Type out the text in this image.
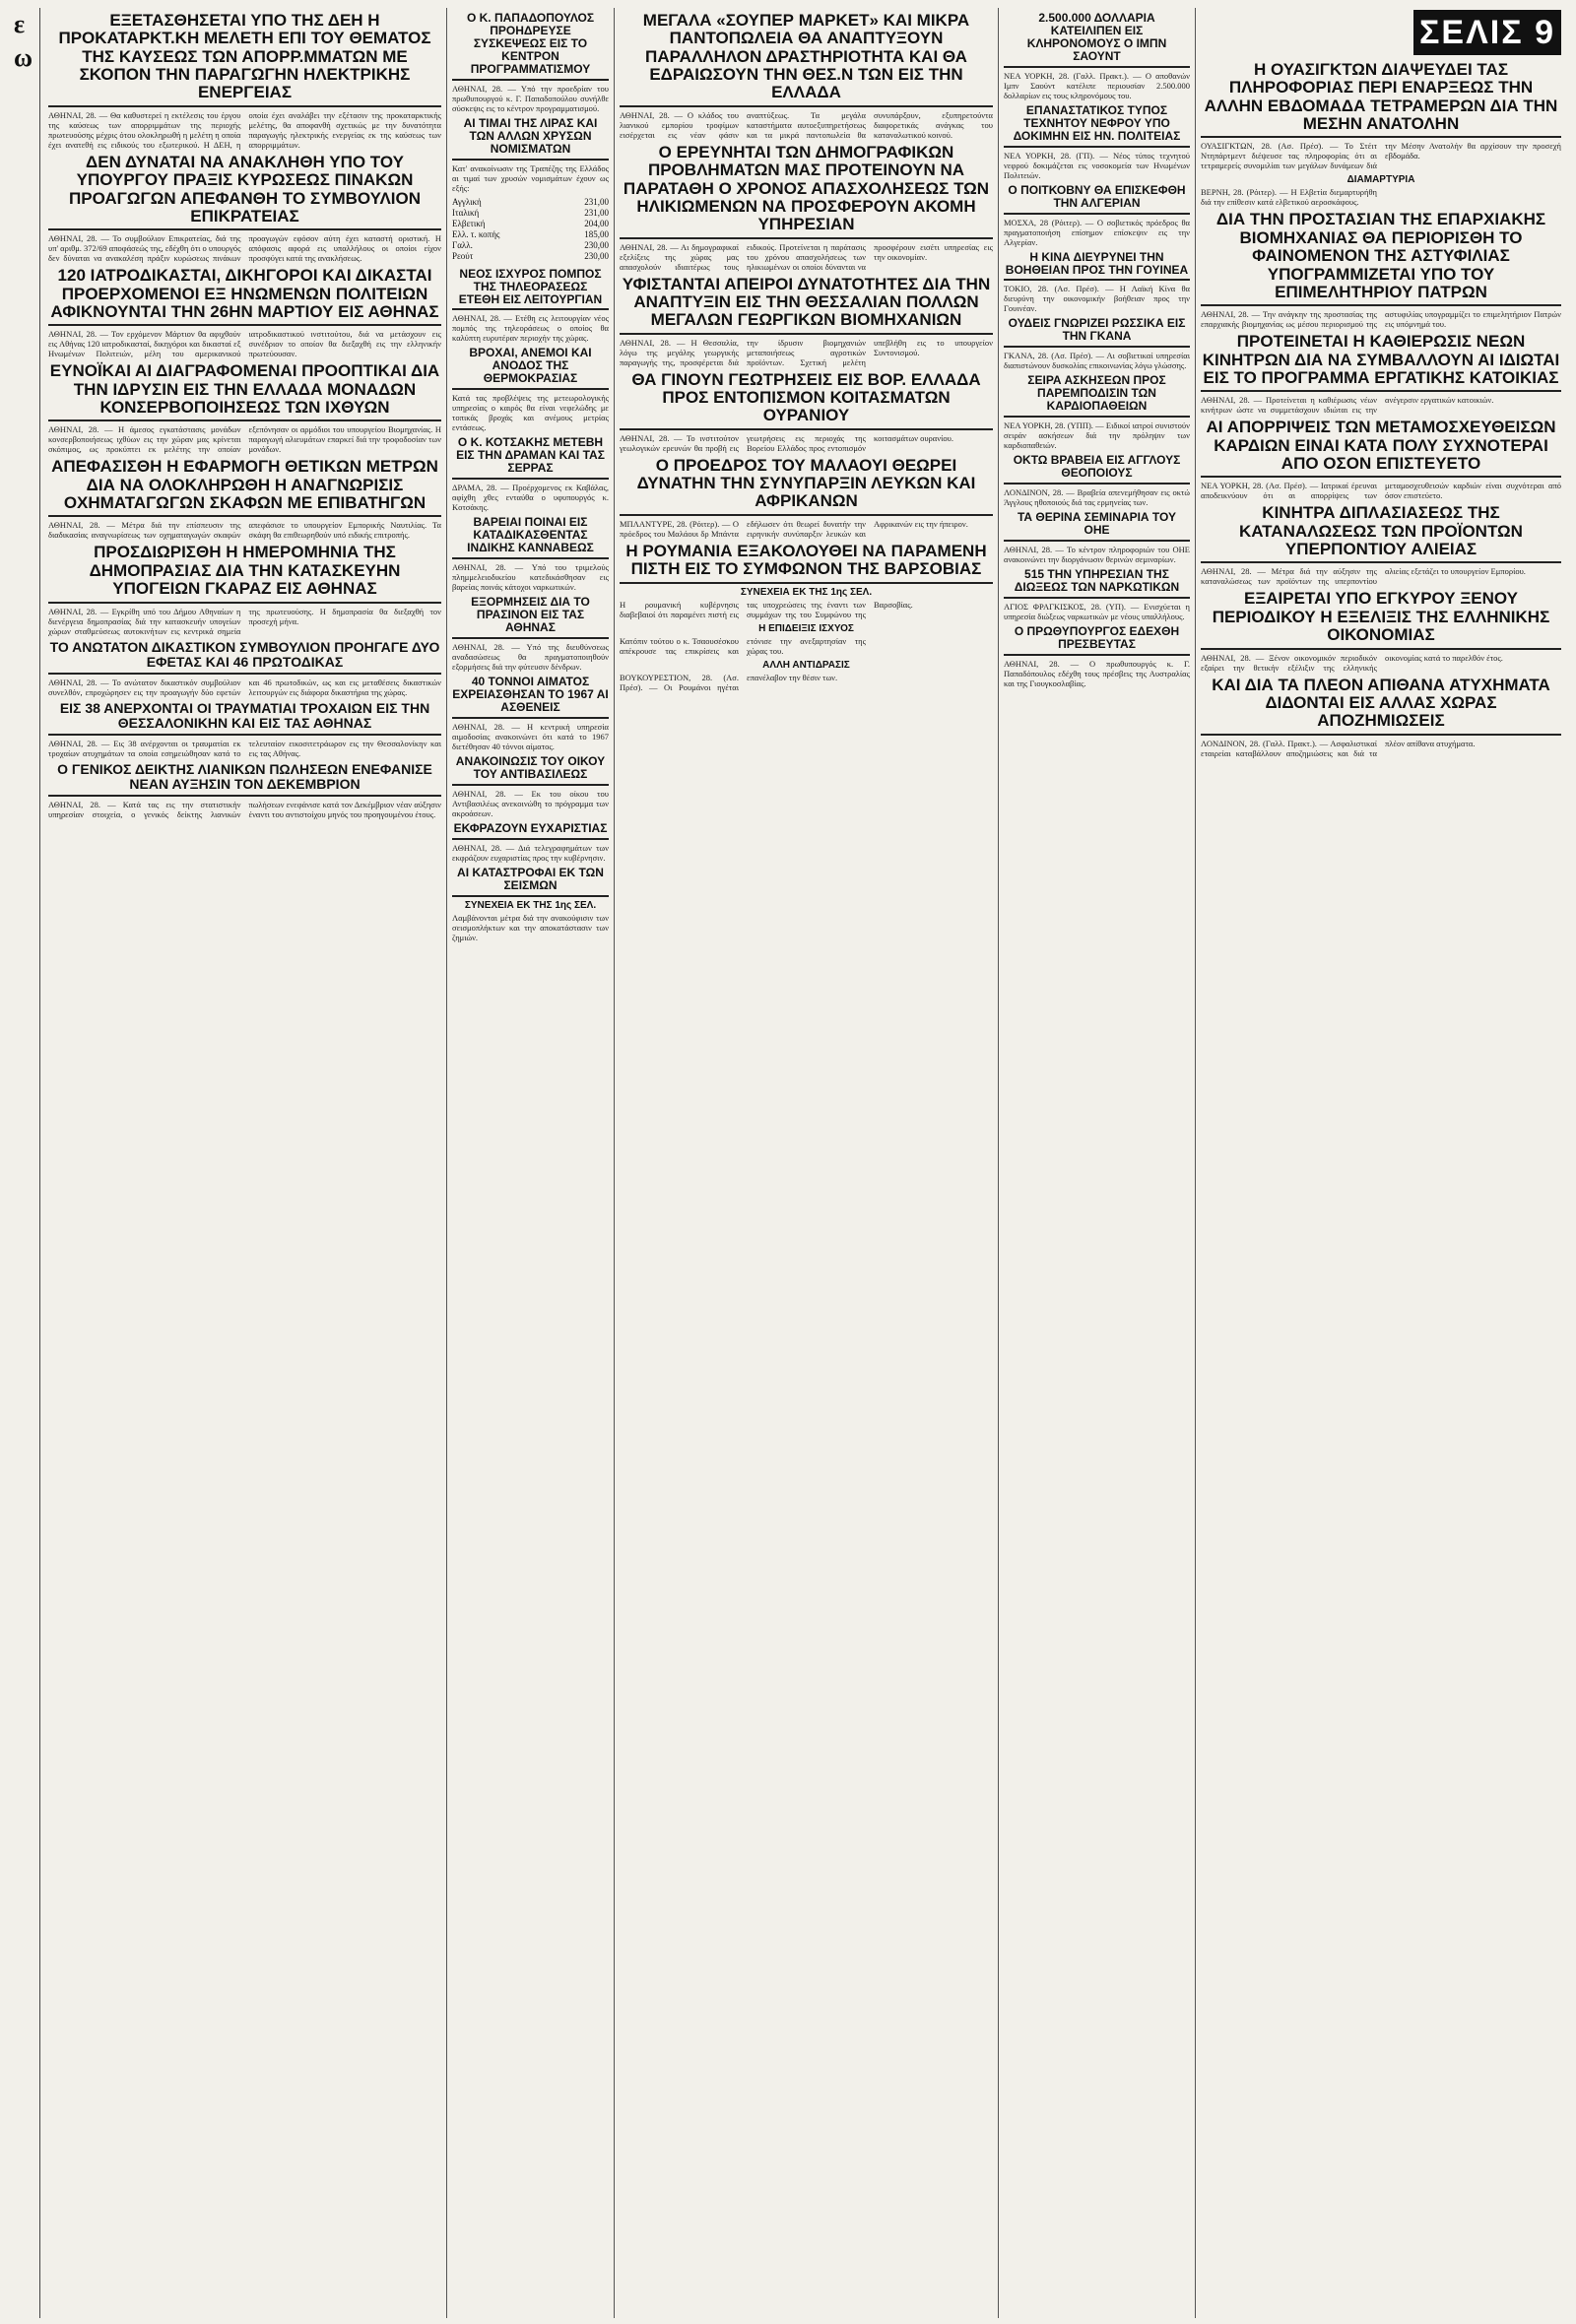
ε
ω
ΕΞΕΤΑΣΘΗΣΕΤΑΙ ΥΠΟ ΤΗΣ ΔΕΗ Η ΠΡΟΚΑΤΑΡΚΤ.ΚΗ ΜΕΛΕΤΗ ΕΠΙ ΤΟΥ ΘΕΜΑΤΟΣ ΤΗΣ ΚΑΥΣΕΩΣ ΤΩΝ ΑΠΟΡΡ.ΜΜΑΤΩΝ ΜΕ ΣΚΟΠΟΝ ΤΗΝ ΠΑΡΑΓΩΓΗΝ ΗΛΕΚΤΡΙΚΗΣ ΕΝΕΡΓΕΙΑΣ
ΑΘΗΝΑΙ, 28. — Θα καθυστερεί η εκτέλεσις του έργου της καύσεως των απορριμμάτων της περιοχής πρωτευούσης μέχρις ότου ολοκληρωθή η μελέτη η οποία έχει ανατεθή εις ειδικούς του εξωτερικού. Η ΔΕΗ, η οποία έχει αναλάβει την εξέτασιν της προκαταρκτικής μελέτης, θα αποφανθή σχετικώς με την δυνατότητα παραγωγής ηλεκτρικής ενεργείας εκ της καύσεως των απορριμμάτων.
ΔΕΝ ΔΥΝΑΤΑΙ ΝΑ ΑΝΑΚΛΗΘΗ ΥΠΟ ΤΟΥ ΥΠΟΥΡΓΟΥ ΠΡΑΞΙΣ ΚΥΡΩΣΕΩΣ ΠΙΝΑΚΩΝ ΠΡΟΑΓΩΓΩΝ ΑΠΕΦΑΝΘΗ ΤΟ ΣΥΜΒΟΥΛΙΟΝ ΕΠΙΚΡΑΤΕΙΑΣ
ΑΘΗΝΑΙ, 28. — Το συμβούλιον Επικρατείας, διά της υπ' αριθμ. 372/69 αποφάσεώς της, εδέχθη ότι ο υπουργός δεν δύναται να ανακαλέση πράξιν κυρώσεως πινάκων προαγωγών εφόσον αύτη έχει καταστή οριστική. Η απόφασις αφορά εις υπαλλήλους οι οποίοι είχον προσφύγει κατά της ανακλήσεως.
120 ΙΑΤΡΟΔΙΚΑΣΤΑΙ, ΔΙΚΗΓΟΡΟΙ ΚΑΙ ΔΙΚΑΣΤΑΙ ΠΡΟΕΡΧΟΜΕΝΟΙ ΕΞ ΗΝΩΜΕΝΩΝ ΠΟΛΙΤΕΙΩΝ ΑΦΙΚΝΟΥΝΤΑΙ ΤΗΝ 26ΗΝ ΜΑΡΤΙΟΥ ΕΙΣ ΑΘΗΝΑΣ
ΑΘΗΝΑΙ, 28. — Τον ερχόμενον Μάρτιον θα αφιχθούν εις Αθήνας 120 ιατροδικασταί, δικηγόροι και δικασταί εξ Ηνωμένων Πολιτειών, μέλη του αμερικανικού ιατροδικαστικού ινστιτούτου, διά να μετάσχουν εις συνέδριον το οποίον θα διεξαχθή εις την ελληνικήν πρωτεύουσαν.
ΕΥΝΟΪΚΑΙ ΑΙ ΔΙΑΓΡΑΦΟΜΕΝΑΙ ΠΡΟΟΠΤΙΚΑΙ ΔΙΑ ΤΗΝ ΙΔΡΥΣΙΝ ΕΙΣ ΤΗΝ ΕΛΛΑΔΑ ΜΟΝΑΔΩΝ ΚΟΝΣΕΡΒΟΠΟΙΗΣΕΩΣ ΤΩΝ ΙΧΘΥΩΝ
ΑΘΗΝΑΙ, 28. — Η άμεσος εγκατάστασις μονάδων κονσερβοποιήσεως ιχθύων εις την χώραν μας κρίνεται σκόπιμος, ως προκύπτει εκ μελέτης την οποίαν εξεπόνησαν οι αρμόδιοι του υπουργείου Βιομηχανίας. Η παραγωγή αλιευμάτων επαρκεί διά την τροφοδοσίαν των μονάδων.
ΑΠΕΦΑΣΙΣΘΗ Η ΕΦΑΡΜΟΓΗ ΘΕΤΙΚΩΝ ΜΕΤΡΩΝ ΔΙΑ ΝΑ ΟΛΟΚΛΗΡΩΘΗ Η ΑΝΑΓΝΩΡΙΣΙΣ ΟΧΗΜΑΤΑΓΩΓΩΝ ΣΚΑΦΩΝ ΜΕ ΕΠΙΒΑΤΗΓΩΝ
ΑΘΗΝΑΙ, 28. — Μέτρα διά την επίσπευσιν της διαδικασίας αναγνωρίσεως των οχηματαγωγών σκαφών απεφάσισε το υπουργείον Εμπορικής Ναυτιλίας. Τα σκάφη θα επιθεωρηθούν υπό ειδικής επιτροπής.
ΠΡΟΣΔΙΩΡΙΣΘΗ Η ΗΜΕΡΟΜΗΝΙΑ ΤΗΣ ΔΗΜΟΠΡΑΣΙΑΣ ΔΙΑ ΤΗΝ ΚΑΤΑΣΚΕΥΗΝ ΥΠΟΓΕΙΩΝ ΓΚΑΡΑΖ ΕΙΣ ΑΘΗΝΑΣ
ΑΘΗΝΑΙ, 28. — Εγκρίθη υπό του Δήμου Αθηναίων η διενέργεια δημοπρασίας διά την κατασκευήν υπογείων χώρων σταθμεύσεως αυτοκινήτων εις κεντρικά σημεία της πρωτευούσης. Η δημοπρασία θα διεξαχθή τον προσεχή μήνα.
ΤΟ ΑΝΩΤΑΤΟΝ ΔΙΚΑΣΤΙΚΟΝ ΣΥΜΒΟΥΛΙΟΝ ΠΡΟΗΓΑΓΕ ΔΥΟ ΕΦΕΤΑΣ ΚΑΙ 46 ΠΡΩΤΟΔΙΚΑΣ
ΑΘΗΝΑΙ, 28. — Το ανώτατον δικαστικόν συμβούλιον συνελθόν, επροχώρησεν εις την προαγωγήν δύο εφετών και 46 πρωτοδικών, ως και εις μεταθέσεις δικαστικών λειτουργών εις διάφορα δικαστήρια της χώρας.
ΕΙΣ 38 ΑΝΕΡΧΟΝΤΑΙ ΟΙ ΤΡΑΥΜΑΤΙΑΙ ΤΡΟΧΑΙΩΝ ΕΙΣ ΤΗΝ ΘΕΣΣΑΛΟΝΙΚΗΝ ΚΑΙ ΕΙΣ ΤΑΣ ΑΘΗΝΑΣ
ΑΘΗΝΑΙ, 28. — Εις 38 ανέρχονται οι τραυματίαι εκ τροχαίων ατυχημάτων τα οποία εσημειώθησαν κατά το τελευταίον εικοσιτετράωρον εις την Θεσσαλονίκην και εις τας Αθήνας.
Ο ΓΕΝΙΚΟΣ ΔΕΙΚΤΗΣ ΛΙΑΝΙΚΩΝ ΠΩΛΗΣΕΩΝ ΕΝΕΦΑΝΙΣΕ ΝΕΑΝ ΑΥΞΗΣΙΝ ΤΟΝ ΔΕΚΕΜΒΡΙΟΝ
ΑΘΗΝΑΙ, 28. — Κατά τας εις την στατιστικήν υπηρεσίαν στοιχεία, ο γενικός δείκτης λιανικών πωλήσεων ενεφάνισε κατά τον Δεκέμβριον νέαν αύξησιν έναντι του αντιστοίχου μηνός του προηγουμένου έτους.
Ο Κ. ΠΑΠΑΔΟΠΟΥΛΟΣ ΠΡΟΗΔΡΕΥΣΕ ΣΥΣΚΕΨΕΩΣ ΕΙΣ ΤΟ ΚΕΝΤΡΟΝ ΠΡΟΓΡΑΜΜΑΤΙΣΜΟΥ
ΑΘΗΝΑΙ, 28. — Υπό την προεδρίαν του πρωθυπουργού κ. Γ. Παπαδοπούλου συνήλθε σύσκεψις εις το κέντρον προγραμματισμού.
ΑΙ ΤΙΜΑΙ ΤΗΣ ΛΙΡΑΣ ΚΑΙ ΤΩΝ ΑΛΛΩΝ ΧΡΥΣΩΝ ΝΟΜΙΣΜΑΤΩΝ
Κατ' ανακοίνωσιν της Τραπέζης της Ελλάδος αι τιμαί των χρυσών νομισμάτων έχουν ως εξής:
Αγγλική	231,00
Ιταλική	231,00
Ελβετική	204,00
Ελλ. τ. κοπής	185,00
Γαλλ.	230,00
Ρεούτ	230,00
ΝΕΟΣ ΙΣΧΥΡΟΣ ΠΟΜΠΟΣ ΤΗΣ ΤΗΛΕΟΡΑΣΕΩΣ ΕΤΕΘΗ ΕΙΣ ΛΕΙΤΟΥΡΓΙΑΝ
ΑΘΗΝΑΙ, 28. — Ετέθη εις λειτουργίαν νέος πομπός της τηλεοράσεως ο οποίος θα καλύπτη ευρυτέραν περιοχήν της χώρας.
ΒΡΟΧΑΙ, ΑΝΕΜΟΙ ΚΑΙ ΑΝΟΔΟΣ ΤΗΣ ΘΕΡΜΟΚΡΑΣΙΑΣ
Κατά τας προβλέψεις της μετεωρολογικής υπηρεσίας ο καιρός θα είναι νεφελώδης με τοπικάς βροχάς και ανέμους μετρίας εντάσεως.
Ο Κ. ΚΟΤΣΑΚΗΣ ΜΕΤΕΒΗ ΕΙΣ ΤΗΝ ΔΡΑΜΑΝ ΚΑΙ ΤΑΣ ΣΕΡΡΑΣ
ΔΡΑΜΑ, 28. — Προέρχομενος εκ Καβάλας, αφίχθη χθες ενταύθα ο υφυπουργός κ. Κοτσάκης.
ΒΑΡΕΙΑΙ ΠΟΙΝΑΙ ΕΙΣ ΚΑΤΑΔΙΚΑΣΘΕΝΤΑΣ ΙΝΔΙΚΗΣ ΚΑΝΝΑΒΕΩΣ
ΑΘΗΝΑΙ, 28. — Υπό του τριμελούς πλημμελειοδικείου κατεδικάσθησαν εις βαρείας ποινάς κάτοχοι ναρκωτικών.
ΕΞΟΡΜΗΣΕΙΣ ΔΙΑ ΤΟ ΠΡΑΣΙΝΟΝ ΕΙΣ ΤΑΣ ΑΘΗΝΑΣ
ΑΘΗΝΑΙ, 28. — Υπό της διευθύνσεως αναδασώσεως θα πραγματοποιηθούν εξορμήσεις διά την φύτευσιν δένδρων.
40 ΤΟΝΝΟΙ ΑΙΜΑΤΟΣ ΕΧΡΕΙΑΣΘΗΣΑΝ ΤΟ 1967 ΑΙ ΑΣΘΕΝΕΙΣ
ΑΘΗΝΑΙ, 28. — Η κεντρική υπηρεσία αιμοδοσίας ανακοινώνει ότι κατά το 1967 διετέθησαν 40 τόννοι αίματος.
ΑΝΑΚΟΙΝΩΣΙΣ ΤΟΥ ΟΙΚΟΥ ΤΟΥ ΑΝΤΙΒΑΣΙΛΕΩΣ
ΑΘΗΝΑΙ, 28. — Εκ του οίκου του Αντιβασιλέως ανεκοινώθη το πρόγραμμα των ακροάσεων.
ΕΚΦΡΑΖΟΥΝ ΕΥΧΑΡΙΣΤΙΑΣ
ΑΘΗΝΑΙ, 28. — Διά τελεγραφημάτων των εκφράζουν ευχαριστίας προς την κυβέρνησιν.
ΑΙ ΚΑΤΑΣΤΡΟΦΑΙ ΕΚ ΤΩΝ ΣΕΙΣΜΩΝ
ΣΥΝΕΧΕΙΑ ΕΚ ΤΗΣ 1ης ΣΕΛ.
Λαμβάνονται μέτρα διά την ανακούφισιν των σεισμοπλήκτων και την αποκατάστασιν των ζημιών.
ΜΕΓΑΛΑ «ΣΟΥΠΕΡ ΜΑΡΚΕΤ» ΚΑΙ ΜΙΚΡΑ ΠΑΝΤΟΠΩΛΕΙΑ ΘΑ ΑΝΑΠΤΥΞΟΥΝ ΠΑΡΑΛΛΗΛΟΝ ΔΡΑΣΤΗΡΙΟΤΗΤΑ ΚΑΙ ΘΑ ΕΔΡΑΙΩΣΟΥΝ ΤΗΝ ΘΕΣ.Ν ΤΩΝ ΕΙΣ ΤΗΝ ΕΛΛΑΔΑ
ΑΘΗΝΑΙ, 28. — Ο κλάδος του λιανικού εμπορίου τροφίμων εισέρχεται εις νέαν φάσιν αναπτύξεως. Τα μεγάλα καταστήματα αυτοεξυπηρετήσεως και τα μικρά παντοπωλεία θα συνυπάρξουν, εξυπηρετούντα διαφορετικάς ανάγκας του καταναλωτικού κοινού.
Ο ΕΡΕΥΝΗΤΑΙ ΤΩΝ ΔΗΜΟΓΡΑΦΙΚΩΝ ΠΡΟΒΛΗΜΑΤΩΝ ΜΑΣ ΠΡΟΤΕΙΝΟΥΝ ΝΑ ΠΑΡΑΤΑΘΗ Ο ΧΡΟΝΟΣ ΑΠΑΣΧΟΛΗΣΕΩΣ ΤΩΝ ΗΛΙΚΙΩΜΕΝΩΝ ΝΑ ΠΡΟΣΦΕΡΟΥΝ ΑΚΟΜΗ ΥΠΗΡΕΣΙΑΝ
ΑΘΗΝΑΙ, 28. — Αι δημογραφικαί εξελίξεις της χώρας μας απασχολούν ιδιαιτέρως τους ειδικούς. Προτείνεται η παράτασις του χρόνου απασχολήσεως των ηλικιωμένων οι οποίοι δύνανται να προσφέρουν εισέτι υπηρεσίας εις την οικονομίαν.
ΥΦΙΣΤΑΝΤΑΙ ΑΠΕΙΡΟΙ ΔΥΝΑΤΟΤΗΤΕΣ ΔΙΑ ΤΗΝ ΑΝΑΠΤΥΞΙΝ ΕΙΣ ΤΗΝ ΘΕΣΣΑΛΙΑΝ ΠΟΛΛΩΝ ΜΕΓΑΛΩΝ ΓΕΩΡΓΙΚΩΝ ΒΙΟΜΗΧΑΝΙΩΝ
ΑΘΗΝΑΙ, 28. — Η Θεσσαλία, λόγω της μεγάλης γεωργικής παραγωγής της, προσφέρεται διά την ίδρυσιν βιομηχανιών μεταποιήσεως αγροτικών προϊόντων. Σχετική μελέτη υπεβλήθη εις το υπουργείον Συντονισμού.
ΘΑ ΓΙΝΟΥΝ ΓΕΩΤΡΗΣΕΙΣ ΕΙΣ ΒΟΡ. ΕΛΛΑΔΑ ΠΡΟΣ ΕΝΤΟΠΙΣΜΟΝ ΚΟΙΤΑΣΜΑΤΩΝ ΟΥΡΑΝΙΟΥ
ΑΘΗΝΑΙ, 28. — Το ινστιτούτον γεωλογικών ερευνών θα προβή εις γεωτρήσεις εις περιοχάς της Βορείου Ελλάδος προς εντοπισμόν κοιτασμάτων ουρανίου.
Ο ΠΡΟΕΔΡΟΣ ΤΟΥ ΜΑΛΑΟΥΙ ΘΕΩΡΕΙ ΔΥΝΑΤΗΝ ΤΗΝ ΣΥΝΥΠΑΡΞΙΝ ΛΕΥΚΩΝ ΚΑΙ ΑΦΡΙΚΑΝΩΝ
ΜΠΛΑΝΤΥΡΕ, 28. (Ρόιτερ). — Ο πρόεδρος του Μαλάουι δρ Μπάντα εδήλωσεν ότι θεωρεί δυνατήν την ειρηνικήν συνύπαρξιν λευκών και Αφρικανών εις την ήπειρον.
Η ΡΟΥΜΑΝΙΑ ΕΞΑΚΟΛΟΥΘΕΙ ΝΑ ΠΑΡΑΜΕΝΗ ΠΙΣΤΗ ΕΙΣ ΤΟ ΣΥΜΦΩΝΟΝ ΤΗΣ ΒΑΡΣΟΒΙΑΣ
ΣΥΝΕΧΕΙΑ ΕΚ ΤΗΣ 1ης ΣΕΛ.
Η ρουμανική κυβέρνησις διαβεβαιοί ότι παραμένει πιστή εις τας υποχρεώσεις της έναντι των συμμάχων της του Συμφώνου της Βαρσοβίας.
Η ΕΠΙΔΕΙΞΙΣ ΙΣΧΥΟΣ
Κατόπιν τούτου ο κ. Τσαουσέσκου απέκρουσε τας επικρίσεις και ετόνισε την ανεξαρτησίαν της χώρας του.
ΑΛΛΗ ΑΝΤΙΔΡΑΣΙΣ
ΒΟΥΚΟΥΡΕΣΤΙΟΝ, 28. (Ασ. Πρέσ). — Οι Ρουμάνοι ηγέται επανέλαβον την θέσιν των.
2.500.000 ΔΟΛΛΑΡΙΑ ΚΑΤΕΙΛΙΠΕΝ ΕΙΣ ΚΛΗΡΟΝΟΜΟΥΣ Ο ΙΜΠΝ ΣΑΟΥΝΤ
ΝΕΑ ΥΟΡΚΗ, 28. (Γαλλ. Πρακτ.). — Ο αποθανών Ιμπν Σαούντ κατέλιπε περιουσίαν 2.500.000 δολλαρίων εις τους κληρονόμους του.
ΕΠΑΝΑΣΤΑΤΙΚΟΣ ΤΥΠΟΣ ΤΕΧΝΗΤΟΥ ΝΕΦΡΟΥ ΥΠΟ ΔΟΚΙΜΗΝ ΕΙΣ ΗΝ. ΠΟΛΙΤΕΙΑΣ
ΝΕΑ ΥΟΡΚΗ, 28. (ΓΠ). — Νέος τύπος τεχνητού νεφρού δοκιμάζεται εις νοσοκομεία των Ηνωμένων Πολιτειών.
Ο ΠΟΙΤΚΟΒΝΥ ΘΑ ΕΠΙΣΚΕΦΘΗ ΤΗΝ ΑΛΓΕΡΙΑΝ
ΜΟΣΧΑ, 28 (Ρόιτερ). — Ο σοβιετικός πρόεδρος θα πραγματοποιήση επίσημον επίσκεψιν εις την Αλγερίαν.
Η ΚΙΝΑ ΔΙΕΥΡΥΝΕΙ ΤΗΝ ΒΟΗΘΕΙΑΝ ΠΡΟΣ ΤΗΝ ΓΟΥΙΝΕΑ
ΤΟΚΙΟ, 28. (Ασ. Πρέσ). — Η Λαϊκή Κίνα θα διευρύνη την οικονομικήν βοήθειαν προς την Γουινέαν.
ΟΥΔΕΙΣ ΓΝΩΡΙΖΕΙ ΡΩΣΣΙΚΑ ΕΙΣ ΤΗΝ ΓΚΑΝΑ
ΓΚΑΝΑ, 28. (Ασ. Πρέσ). — Αι σοβιετικαί υπηρεσίαι διαπιστώνουν δυσκολίας επικοινωνίας λόγω γλώσσης.
ΣΕΙΡΑ ΑΣΚΗΣΕΩΝ ΠΡΟΣ ΠΑΡΕΜΠΟΔΙΣΙΝ ΤΩΝ ΚΑΡΔΙΟΠΑΘΕΙΩΝ
ΝΕΑ ΥΟΡΚΗ, 28. (ΥΠΠ). — Ειδικοί ιατροί συνιστούν σειράν ασκήσεων διά την πρόληψιν των καρδιοπαθειών.
ΟΚΤΩ ΒΡΑΒΕΙΑ ΕΙΣ ΑΓΓΛΟΥΣ ΘΕΟΠΟΙΟΥΣ
ΛΟΝΔΙΝΟΝ, 28. — Βραβεία απενεμήθησαν εις οκτώ Άγγλους ηθοποιούς διά τας ερμηνείας των.
ΤΑ ΘΕΡΙΝΑ ΣΕΜΙΝΑΡΙΑ ΤΟΥ ΟΗΕ
ΑΘΗΝΑΙ, 28. — Το κέντρον πληροφοριών του ΟΗΕ ανακοινώνει την διοργάνωσιν θερινών σεμιναρίων.
515 ΤΗΝ ΥΠΗΡΕΣΙΑΝ ΤΗΣ ΔΙΩΞΕΩΣ ΤΩΝ ΝΑΡΚΩΤΙΚΩΝ
ΑΓΙΟΣ ΦΡΑΓΚΙΣΚΟΣ, 28. (ΥΠ). — Ενισχύεται η υπηρεσία διώξεως ναρκωτικών με νέους υπαλλήλους.
Ο ΠΡΩΘΥΠΟΥΡΓΟΣ ΕΔΕΧΘΗ ΠΡΕΣΒΕΥΤΑΣ
ΑΘΗΝΑΙ, 28. — Ο πρωθυπουργός κ. Γ. Παπαδόπουλος εδέχθη τους πρέσβεις της Αυστραλίας και της Γιουγκοσλαβίας.
ΣΕΛΙΣ 9
Η ΟΥΑΣΙΓΚΤΩΝ ΔΙΑΨΕΥΔΕΙ ΤΑΣ ΠΛΗΡΟΦΟΡΙΑΣ ΠΕΡΙ ΕΝΑΡΞΕΩΣ ΤΗΝ ΑΛΛΗΝ ΕΒΔΟΜΑΔΑ ΤΕΤΡΑΜΕΡΩΝ ΔΙΑ ΤΗΝ ΜΕΣΗΝ ΑΝΑΤΟΛΗΝ
ΟΥΑΣΙΓΚΤΩΝ, 28. (Ασ. Πρέσ). — Το Στέιτ Ντηπάρτμεντ διέψευσε τας πληροφορίας ότι αι τετραμερείς συνομιλίαι των μεγάλων δυνάμεων διά την Μέσην Ανατολήν θα αρχίσουν την προσεχή εβδομάδα.
ΔΙΑΜΑΡΤΥΡΙΑ
ΒΕΡΝΗ, 28. (Ρόιτερ). — Η Ελβετία διεμαρτυρήθη διά την επίθεσιν κατά ελβετικού αεροσκάφους.
ΔΙΑ ΤΗΝ ΠΡΟΣΤΑΣΙΑΝ ΤΗΣ ΕΠΑΡΧΙΑΚΗΣ ΒΙΟΜΗΧΑΝΙΑΣ ΘΑ ΠΕΡΙΟΡΙΣΘΗ ΤΟ ΦΑΙΝΟΜΕΝΟΝ ΤΗΣ ΑΣΤΥΦΙΛΙΑΣ ΥΠΟΓΡΑΜΜΙΖΕΤΑΙ ΥΠΟ ΤΟΥ ΕΠΙΜΕΛΗΤΗΡΙΟΥ ΠΑΤΡΩΝ
ΑΘΗΝΑΙ, 28. — Την ανάγκην της προστασίας της επαρχιακής βιομηχανίας ως μέσου περιορισμού της αστυφιλίας υπογραμμίζει το επιμελητήριον Πατρών εις υπόμνημά του.
ΠΡΟΤΕΙΝΕΤΑΙ Η ΚΑΘΙΕΡΩΣΙΣ ΝΕΩΝ ΚΙΝΗΤΡΩΝ ΔΙΑ ΝΑ ΣΥΜΒΑΛΛΟΥΝ ΑΙ ΙΔΙΩΤΑΙ ΕΙΣ ΤΟ ΠΡΟΓΡΑΜΜΑ ΕΡΓΑΤΙΚΗΣ ΚΑΤΟΙΚΙΑΣ
ΑΘΗΝΑΙ, 28. — Προτείνεται η καθιέρωσις νέων κινήτρων ώστε να συμμετάσχουν ιδιώται εις την ανέγερσιν εργατικών κατοικιών.
ΑΙ ΑΠΟΡΡΙΨΕΙΣ ΤΩΝ ΜΕΤΑΜΟΣΧΕΥΘΕΙΣΩΝ ΚΑΡΔΙΩΝ ΕΙΝΑΙ ΚΑΤΑ ΠΟΛΥ ΣΥΧΝΟΤΕΡΑΙ ΑΠΟ ΟΣΟΝ ΕΠΙΣΤΕΥΕΤΟ
ΝΕΑ ΥΟΡΚΗ, 28. (Ασ. Πρέσ). — Ιατρικαί έρευναι αποδεικνύουν ότι αι απορρίψεις των μεταμοσχευθεισών καρδιών είναι συχνότεραι από όσον επιστεύετο.
ΚΙΝΗΤΡΑ ΔΙΠΛΑΣΙΑΣΕΩΣ ΤΗΣ ΚΑΤΑΝΑΛΩΣΕΩΣ ΤΩΝ ΠΡΟΪΟΝΤΩΝ ΥΠΕΡΠΟΝΤΙΟΥ ΑΛΙΕΙΑΣ
ΑΘΗΝΑΙ, 28. — Μέτρα διά την αύξησιν της καταναλώσεως των προϊόντων της υπερποντίου αλιείας εξετάζει το υπουργείον Εμπορίου.
ΕΞΑΙΡΕΤΑΙ ΥΠΟ ΕΓΚΥΡΟΥ ΞΕΝΟΥ ΠΕΡΙΟΔΙΚΟΥ Η ΕΞΕΛΙΞΙΣ ΤΗΣ ΕΛΛΗΝΙΚΗΣ ΟΙΚΟΝΟΜΙΑΣ
ΑΘΗΝΑΙ, 28. — Ξένον οικονομικόν περιοδικόν εξαίρει την θετικήν εξέλιξιν της ελληνικής οικονομίας κατά το παρελθόν έτος.
ΚΑΙ ΔΙΑ ΤΑ ΠΛΕΟΝ ΑΠΙΘΑΝΑ ΑΤΥΧΗΜΑΤΑ ΔΙΔΟΝΤΑΙ ΕΙΣ ΑΛΛΑΣ ΧΩΡΑΣ ΑΠΟΖΗΜΙΩΣΕΙΣ
ΛΟΝΔΙΝΟΝ, 28. (Γαλλ. Πρακτ.). — Ασφαλιστικαί εταιρείαι καταβάλλουν αποζημιώσεις και διά τα πλέον απίθανα ατυχήματα.
